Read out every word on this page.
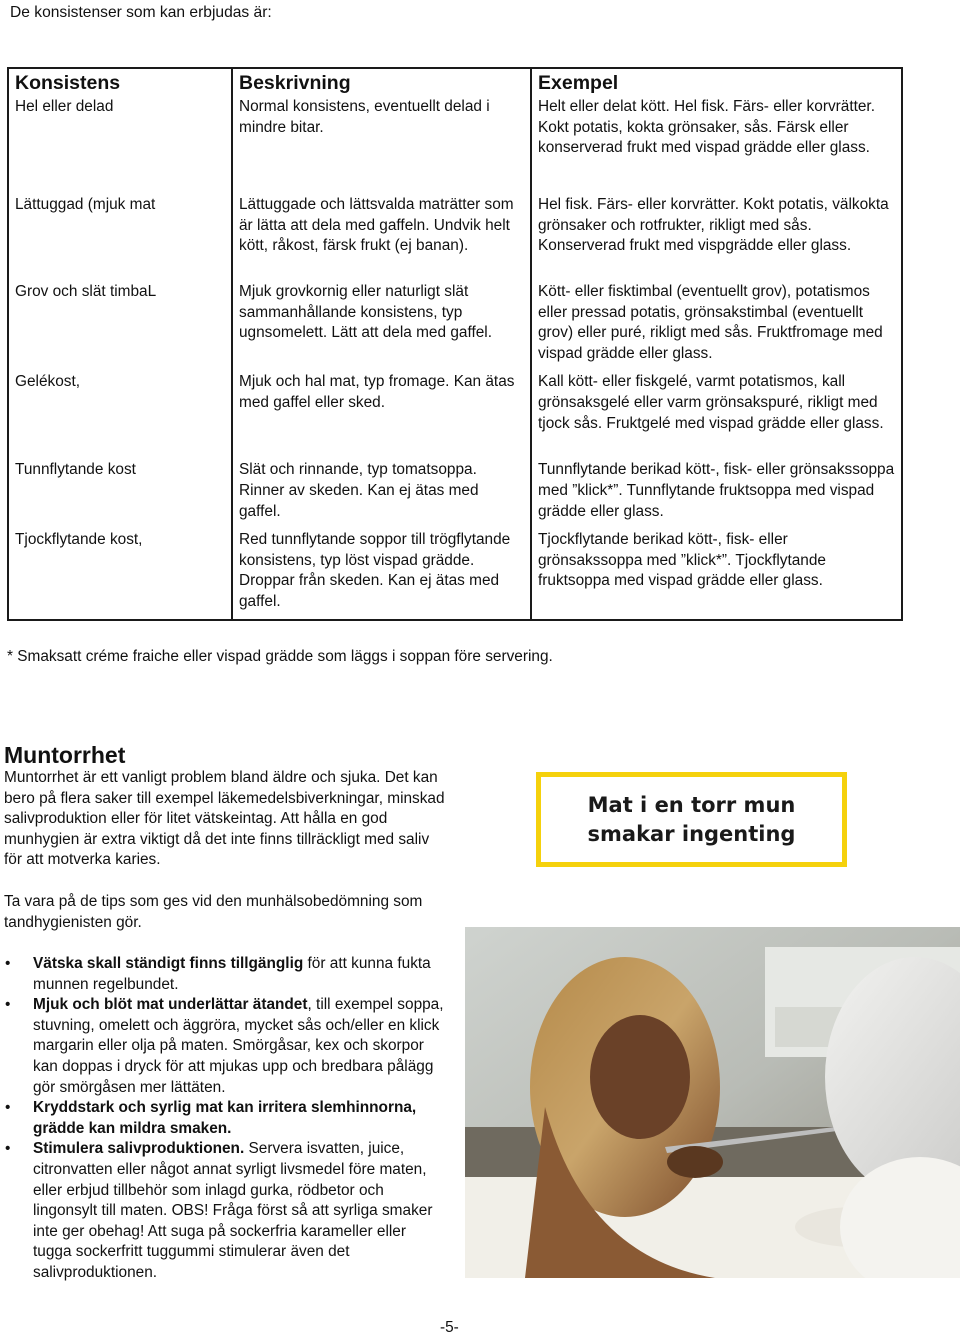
De konsistenser som kan erbjudas är:
Konsistens	Beskrivning	Exempel
Hel eller delad	Normal konsistens, eventuellt delad i mindre bitar.	Helt eller delat kött. Hel fisk. Färs- eller korvrätter. Kokt potatis, kokta grönsaker, sås. Färsk eller konserverad frukt med vispad grädde eller glass.
Lättuggad (mjuk mat	Lättuggade och lättsvalda maträtter som är lätta att dela med gaffeln. Undvik helt kött, råkost, färsk frukt (ej banan).	Hel fisk. Färs- eller korvrätter. Kokt potatis, välkokta grönsaker och rotfrukter, rikligt med sås. Konserverad frukt med vispgrädde eller glass.
Grov och slät timbaL	Mjuk grovkornig eller naturligt slät sammanhållande konsistens, typ ugnsomelett. Lätt att dela med gaffel.	Kött- eller fisktimbal (eventuellt grov), potatismos eller pressad potatis, grönsakstimbal (eventuellt grov) eller puré, rikligt med sås. Fruktfromage med vispad grädde eller glass.
Gelékost,	Mjuk och hal mat, typ fromage. Kan ätas med gaffel eller sked.	Kall kött- eller fiskgelé, varmt potatismos, kall grönsaksgelé eller varm grönsakspuré, rikligt med tjock sås. Fruktgelé med vispad grädde eller glass.
Tunnflytande kost	Slät och rinnande, typ tomatsoppa. Rinner av skeden. Kan ej ätas med gaffel.	Tunnflytande berikad kött-, fisk- eller grönsakssoppa med ”klick*”. Tunnflytande fruktsoppa med vispad grädde eller glass.
Tjockflytande kost,	Red tunnflytande soppor till trögflytande konsistens, typ löst vispad grädde. Droppar från skeden. Kan ej ätas med gaffel.	Tjockflytande berikad kött-, fisk- eller grönsakssoppa med ”klick*”. Tjockflytande fruktsoppa med vispad grädde eller glass.
* Smaksatt créme fraiche eller vispad grädde som läggs i soppan före servering.
Muntorrhet

Muntorrhet är ett vanligt problem bland äldre och sjuka. Det kan bero på flera saker till exempel läkemedelsbiverkningar, minskad salivproduktion eller för litet vätskeintag. Att hålla en god munhygien är extra viktigt då det inte finns tillräckligt med saliv för att motverka karies.

Ta vara på de tips som ges vid den munhälsobedömning som tandhygienisten gör.

• Vätska skall ständigt finns tillgänglig för att kunna fukta munnen regelbundet.
• Mjuk och blöt mat underlättar ätandet, till exempel soppa, stuvning, omelett och äggröra, mycket sås och/eller en klick margarin eller olja på maten. Smörgåsar, kex och skorpor kan doppas i dryck för att mjukas upp och bredbara pålägg gör smörgåsen mer lättäten.
• Kryddstark och syrlig mat kan irritera slemhinnorna, grädde kan mildra smaken.
• Stimulera salivproduktionen. Servera isvatten, juice, citronvatten eller något annat syrligt livsmedel före maten, eller erbjud tillbehör som inlagd gurka, rödbetor och lingonsylt till maten. OBS! Fråga först så att syrliga smaker inte ger obehag! Att suga på sockerfria karameller eller tugga sockerfritt tuggummi stimulerar även det salivproduktionen.
Mat i en torr mun
smakar ingenting
-5-
